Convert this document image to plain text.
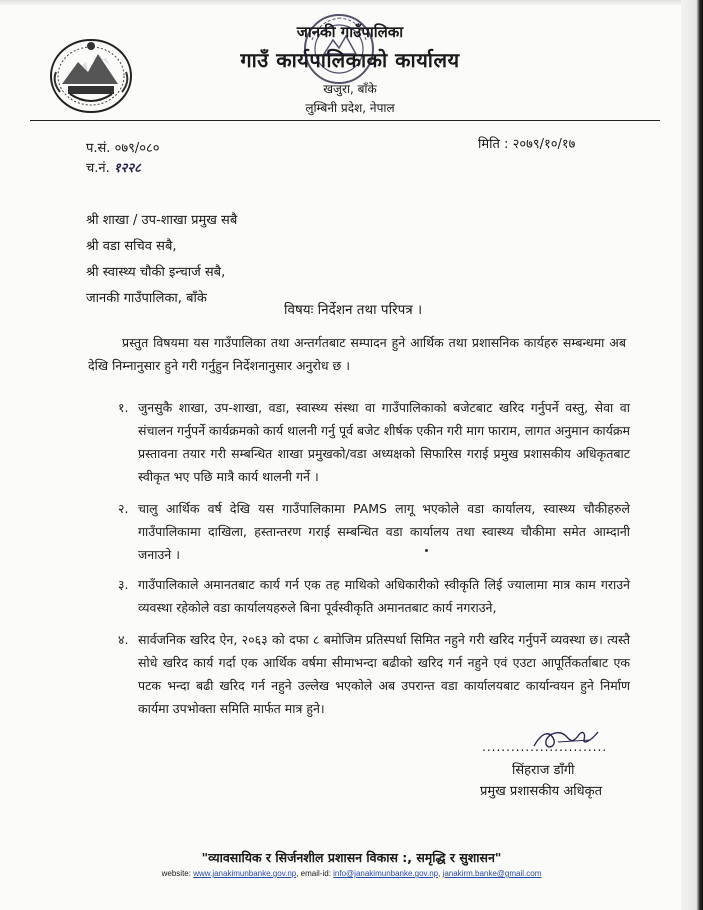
जानकी गाउँपालिका
गाउँ कार्यपालिकाको कार्यालय
खजुरा, बाँके
लुम्बिनी प्रदेश, नेपाल
प.सं. ०७९/०८०
च.नं. १२२८
मिति : २०७९/१०/१७
श्री शाखा / उप-शाखा प्रमुख सबै
श्री वडा सचिव सबै,
श्री स्वास्थ्य चौकी इन्चार्ज सबै,
जानकी गाउँपालिका, बाँके
विषयः निर्देशन तथा परिपत्र ।
प्रस्तुत विषयमा यस गाउँपालिका तथा अन्तर्गतबाट सम्पादन हुने आर्थिक तथा प्रशासनिक कार्यहरु सम्बन्धमा अब देखि निम्नानुसार हुने गरी गर्नुहुन निर्देशनानुसार अनुरोध छ ।
१. जुनसुकै शाखा, उप-शाखा, वडा, स्वास्थ्य संस्था वा गाउँपालिकाको बजेटबाट खरिद गर्नुपर्ने वस्तु, सेवा वा संचालन गर्नुपर्ने कार्यक्रमको कार्य थालनी गर्नु पूर्व बजेट शीर्षक एकीन गरी माग फाराम, लागत अनुमान कार्यक्रम प्रस्तावना तयार गरी सम्बन्धित शाखा प्रमुखको/वडा अध्यक्षको सिफारिस गराई प्रमुख प्रशासकीय अधिकृतबाट स्वीकृत भए पछि मात्रै कार्य थालनी गर्ने ।
२. चालु आर्थिक वर्ष देखि यस गाउँपालिकामा PAMS लागू भएकोले वडा कार्यालय, स्वास्थ्य चौकीहरुले गाउँपालिकामा दाखिला, हस्तान्तरण गराई सम्बन्धित वडा कार्यालय तथा स्वास्थ्य चौकीमा समेत आम्दानी जनाउने ।
३. गाउँपालिकाले अमानतबाट कार्य गर्न एक तह माथिको अधिकारीको स्वीकृति लिई ज्यालामा मात्र काम गराउने व्यवस्था रहेकोले वडा कार्यालयहरुले बिना पूर्वस्वीकृति अमानतबाट कार्य नगराउने,
४. सार्वजनिक खरिद ऐन, २०६३ को दफा ८ बमोजिम प्रतिस्पर्धा सिमित नहुने गरी खरिद गर्नुपर्ने व्यवस्था छ। त्यस्तै सोधे खरिद कार्य गर्दा एक आर्थिक वर्षमा सीमाभन्दा बढीको खरिद गर्न नहुने एवं एउटा आपूर्तिकर्ताबाट एक पटक भन्दा बढी खरिद गर्न नहुने उल्लेख भएकोले अब उपरान्त वडा कार्यालयबाट कार्यान्वयन हुने निर्माण कार्यमा उपभोक्ता समिति मार्फत मात्र हुने।
..........................
सिंहराज डाँगी
प्रमुख प्रशासकीय अधिकृत
"व्यावसायिक र सिर्जनशील प्रशासन विकास :, समृद्धि र सुशासन"
website: www.janakimunbanke.gov.np, email-id: info@janakimunbanke.gov.np, janakirm.banke@gmail.com
